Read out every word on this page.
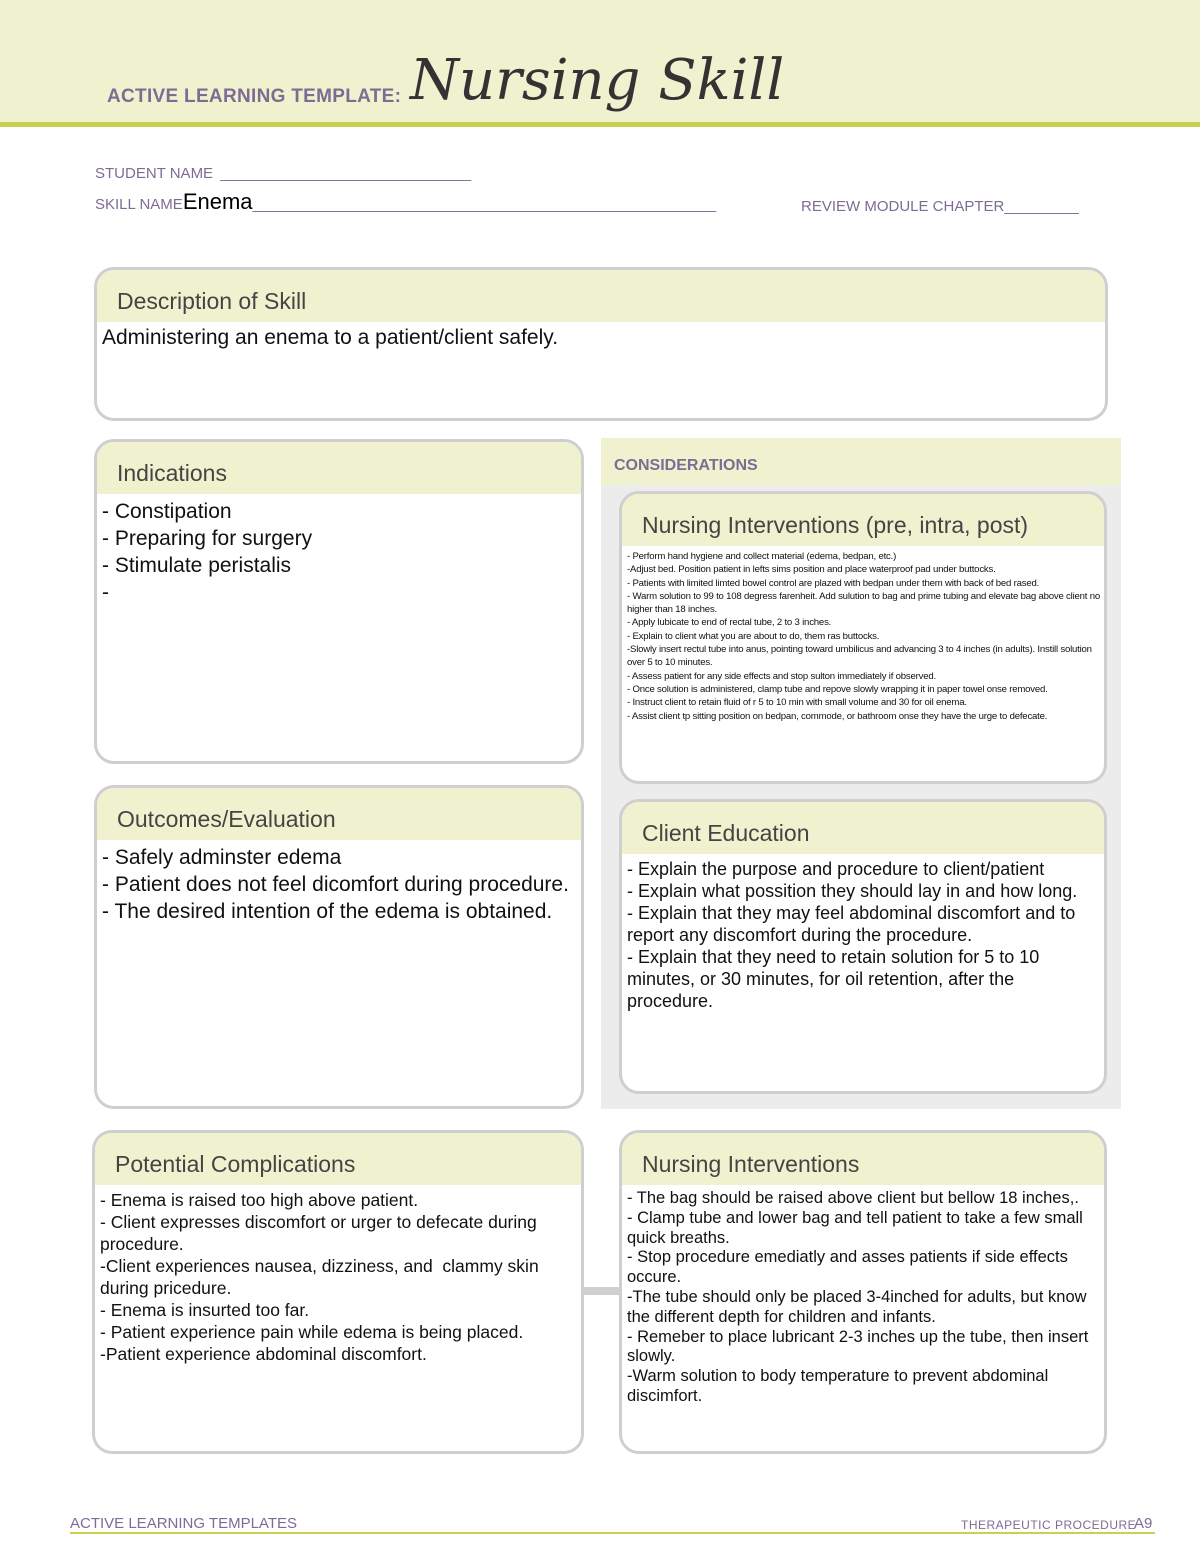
ACTIVE LEARNING TEMPLATE: Nursing Skill
STUDENT NAME  __________________________________
SKILL NAMEEnema_______________________________________________________________	REVIEW MODULE CHAPTER__________
Description of Skill
Administering an enema to a patient/client safely.
Indications
- Constipation
- Preparing for surgery
- Stimulate peristalis
-
Outcomes/Evaluation
- Safely adminster edema
- Patient does not feel dicomfort during procedure.
- The desired intention of the edema is obtained.
CONSIDERATIONS
Nursing Interventions (pre, intra, post)
- Perform hand hygiene and collect material (edema, bedpan, etc.)
-Adjust bed. Position patient in lefts sims position and place waterproof pad under buttocks.
- Patients with limited limted bowel control are plazed with bedpan under them with back of bed rased.
- Warm solution to 99 to 108 degress farenheit. Add sulution to bag and prime tubing and elevate bag above client no higher than 18 inches.
- Apply lubicate to end of rectal tube, 2 to 3 inches.
- Explain to client what you are about to do, them ras buttocks.
-Slowly insert rectul tube into anus, pointing toward umbilicus and advancing 3 to 4 inches (in adults). Instill solution over 5 to 10 minutes.
- Assess patient for any side effects and stop sulton immediately if observed.
- Once solution is administered, clamp tube and repove slowly wrapping it in paper towel onse removed.
- Instruct client to retain fluid of r 5 to 10 min with small volume and 30 for oil enema.
- Assist client tp sitting position on bedpan, commode, or bathroom onse they have the urge to defecate.
Client Education
- Explain the purpose and procedure to client/patient
- Explain what possition they should lay in and how long.
- Explain that they may feel abdominal discomfort and to report any discomfort during the procedure.
- Explain that they need to retain solution for 5 to 10 minutes, or 30 minutes, for oil retention, after the procedure.
Potential Complications
- Enema is raised too high above patient.
- Client expresses discomfort or urger to defecate during procedure.
-Client experiences nausea, dizziness, and  clammy skin during pricedure.
- Enema is insurted too far.
- Patient experience pain while edema is being placed.
-Patient experience abdominal discomfort.
Nursing Interventions
- The bag should be raised above client but bellow 18 inches,.
- Clamp tube and lower bag and tell patient to take a few small quick breaths.
- Stop procedure emediatly and asses patients if side effects occure.
-The tube should only be placed 3-4inched for adults, but know the different depth for children and infants.
- Remeber to place lubricant 2-3 inches up the tube, then insert slowly.
-Warm solution to body temperature to prevent abdominal discimfort.
ACTIVE LEARNING TEMPLATES	THERAPEUTIC PROCEDURE
A9
